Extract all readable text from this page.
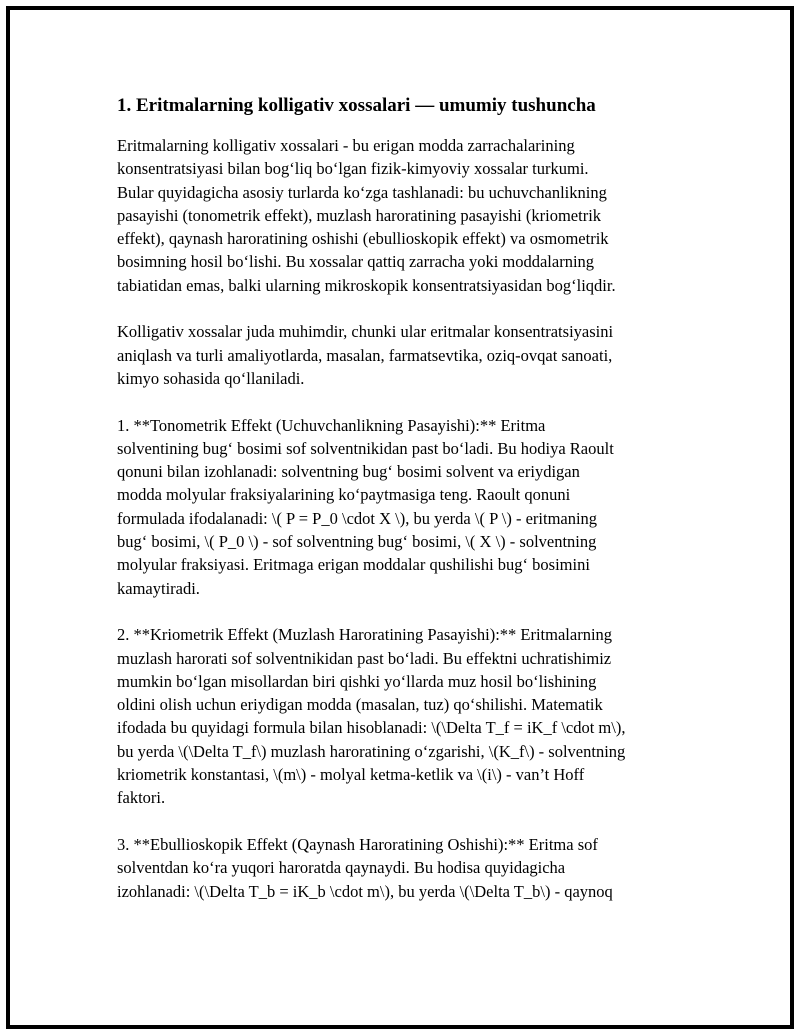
1. Eritmalarning kolligativ xossalari — umumiy tushuncha
Eritmalarning kolligativ xossalari - bu erigan modda zarrachalarining
konsentratsiyasi bilan bog‘liq bo‘lgan fizik-kimyoviy xossalar turkumi.
Bular quyidagicha asosiy turlarda ko‘zga tashlanadi: bu uchuvchanlikning
pasayishi (tonometrik effekt), muzlash haroratining pasayishi (kriometrik
effekt), qaynash haroratining oshishi (ebullioskopik effekt) va osmometrik
bosimning hosil bo‘lishi. Bu xossalar qattiq zarracha yoki moddalarning
tabiatidan emas, balki ularning mikroskopik konsentratsiyasidan bog‘liqdir.
Kolligativ xossalar juda muhimdir, chunki ular eritmalar konsentratsiyasini
aniqlash va turli amaliyotlarda, masalan, farmatsevtika, oziq-ovqat sanoati,
kimyo sohasida qo‘llaniladi.
1. **Tonometrik Effekt (Uchuvchanlikning Pasayishi):** Eritma
solventining bug‘ bosimi sof solventnikidan past bo‘ladi. Bu hodiya Raoult
qonuni bilan izohlanadi: solventning bug‘ bosimi solvent va eriydigan
modda molyular fraksiyalarining ko‘paytmasiga teng. Raoult qonuni
formulada ifodalanadi: \( P = P_0 \cdot X \), bu yerda \( P \) - eritmaning
bug‘ bosimi, \( P_0 \) - sof solventning bug‘ bosimi, \( X \) - solventning
molyular fraksiyasi. Eritmaga erigan moddalar qushilishi bug‘ bosimini
kamaytiradi.
2. **Kriometrik Effekt (Muzlash Haroratining Pasayishi):** Eritmalarning
muzlash harorati sof solventnikidan past bo‘ladi. Bu effektni uchratishimiz
mumkin bo‘lgan misollardan biri qishki yo‘llarda muz hosil bo‘lishining
oldini olish uchun eriydigan modda (masalan, tuz) qo‘shilishi. Matematik
ifodada bu quyidagi formula bilan hisoblanadi: \(\Delta T_f = iK_f \cdot m\),
bu yerda \(\Delta T_f\) muzlash haroratining o‘zgarishi, \(K_f\) - solventning
kriometrik konstantasi, \(m\) - molyal ketma-ketlik va \(i\) - van’t Hoff
faktori.
3. **Ebullioskopik Effekt (Qaynash Haroratining Oshishi):** Eritma sof
solventdan ko‘ra yuqori haroratda qaynaydi. Bu hodisa quyidagicha
izohlanadi: \(\Delta T_b = iK_b \cdot m\), bu yerda \(\Delta T_b\) - qaynoq
